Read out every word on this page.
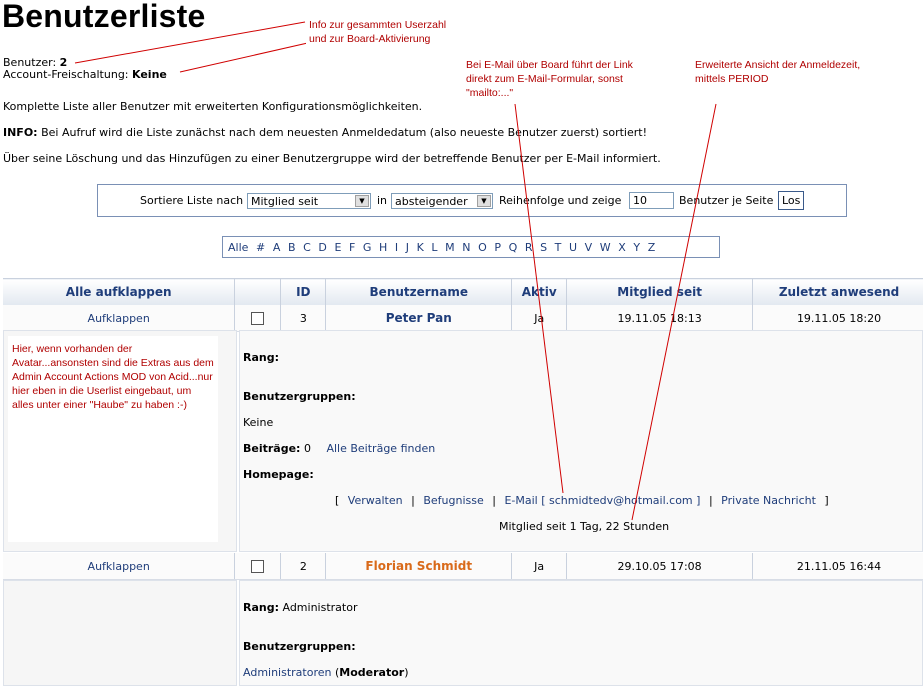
Benutzerliste
Benutzer: 2
Account-Freischaltung: Keine
Komplette Liste aller Benutzer mit erweiterten Konfigurationsmöglichkeiten.
INFO: Bei Aufruf wird die Liste zunächst nach dem neuesten Anmeldedatum (also neueste Benutzer zuerst) sortiert!
Über seine Löschung und das Hinzufügen zu einer Benutzergruppe wird der betreffende Benutzer per E-Mail informiert.
Sortiere Liste nach Mitglied seit	▼	in absteigender	▼	Reihenfolge und zeige	10	Benutzer je Seite Los
Alle # A B C D E F G H I J K L M N O P Q R S T U V W X Y Z
Alle aufklappen		ID	Benutzername	Aktiv	Mitglied seit	Zuletzt anwesend
Aufklappen		3	Peter Pan	Ja	19.11.05 18:13	19.11.05 18:20
Rang:
Benutzergruppen:
Keine
Beiträge: 0 Alle Beiträge finden
Homepage:
[ Verwalten | Befugnisse | E-Mail [ schmidtedv@hotmail.com ] | Private Nachricht ]
Mitglied seit 1 Tag, 22 Stunden
Aufklappen		2	Florian Schmidt	Ja	29.10.05 17:08	21.11.05 16:44
Rang: Administrator
Benutzergruppen:
Administratoren (Moderator)
Info zur gesammten Userzahl und zur Board-Aktivierung
Bei E-Mail über Board führt der Link direkt zum E-Mail-Formular, sonst "mailto:..."
Erweiterte Ansicht der Anmeldezeit, mittels PERIOD
Hier, wenn vorhanden der Avatar...ansonsten sind die Extras aus dem Admin Account Actions MOD von Acid...nur hier eben in die Userlist eingebaut, um alles unter einer "Haube" zu haben :-)
